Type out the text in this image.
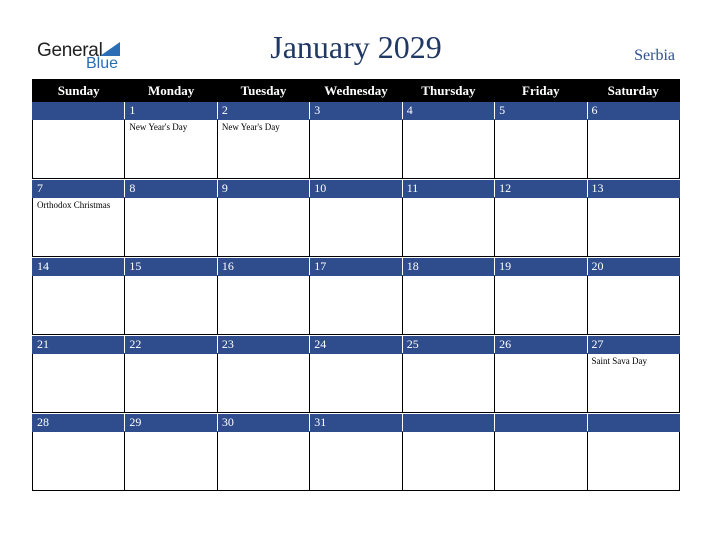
General
Blue	January 2029	Serbia
Sunday	Monday	Tuesday	Wednesday	Thursday	Friday	Saturday
	1	2	3	4	5	6
	New Year's Day	New Year's Day				

7	8	9	10	11	12	13
Orthodox Christmas						

14	15	16	17	18	19	20

21	22	23	24	25	26	27
						Saint Sava Day

28	29	30	31			
